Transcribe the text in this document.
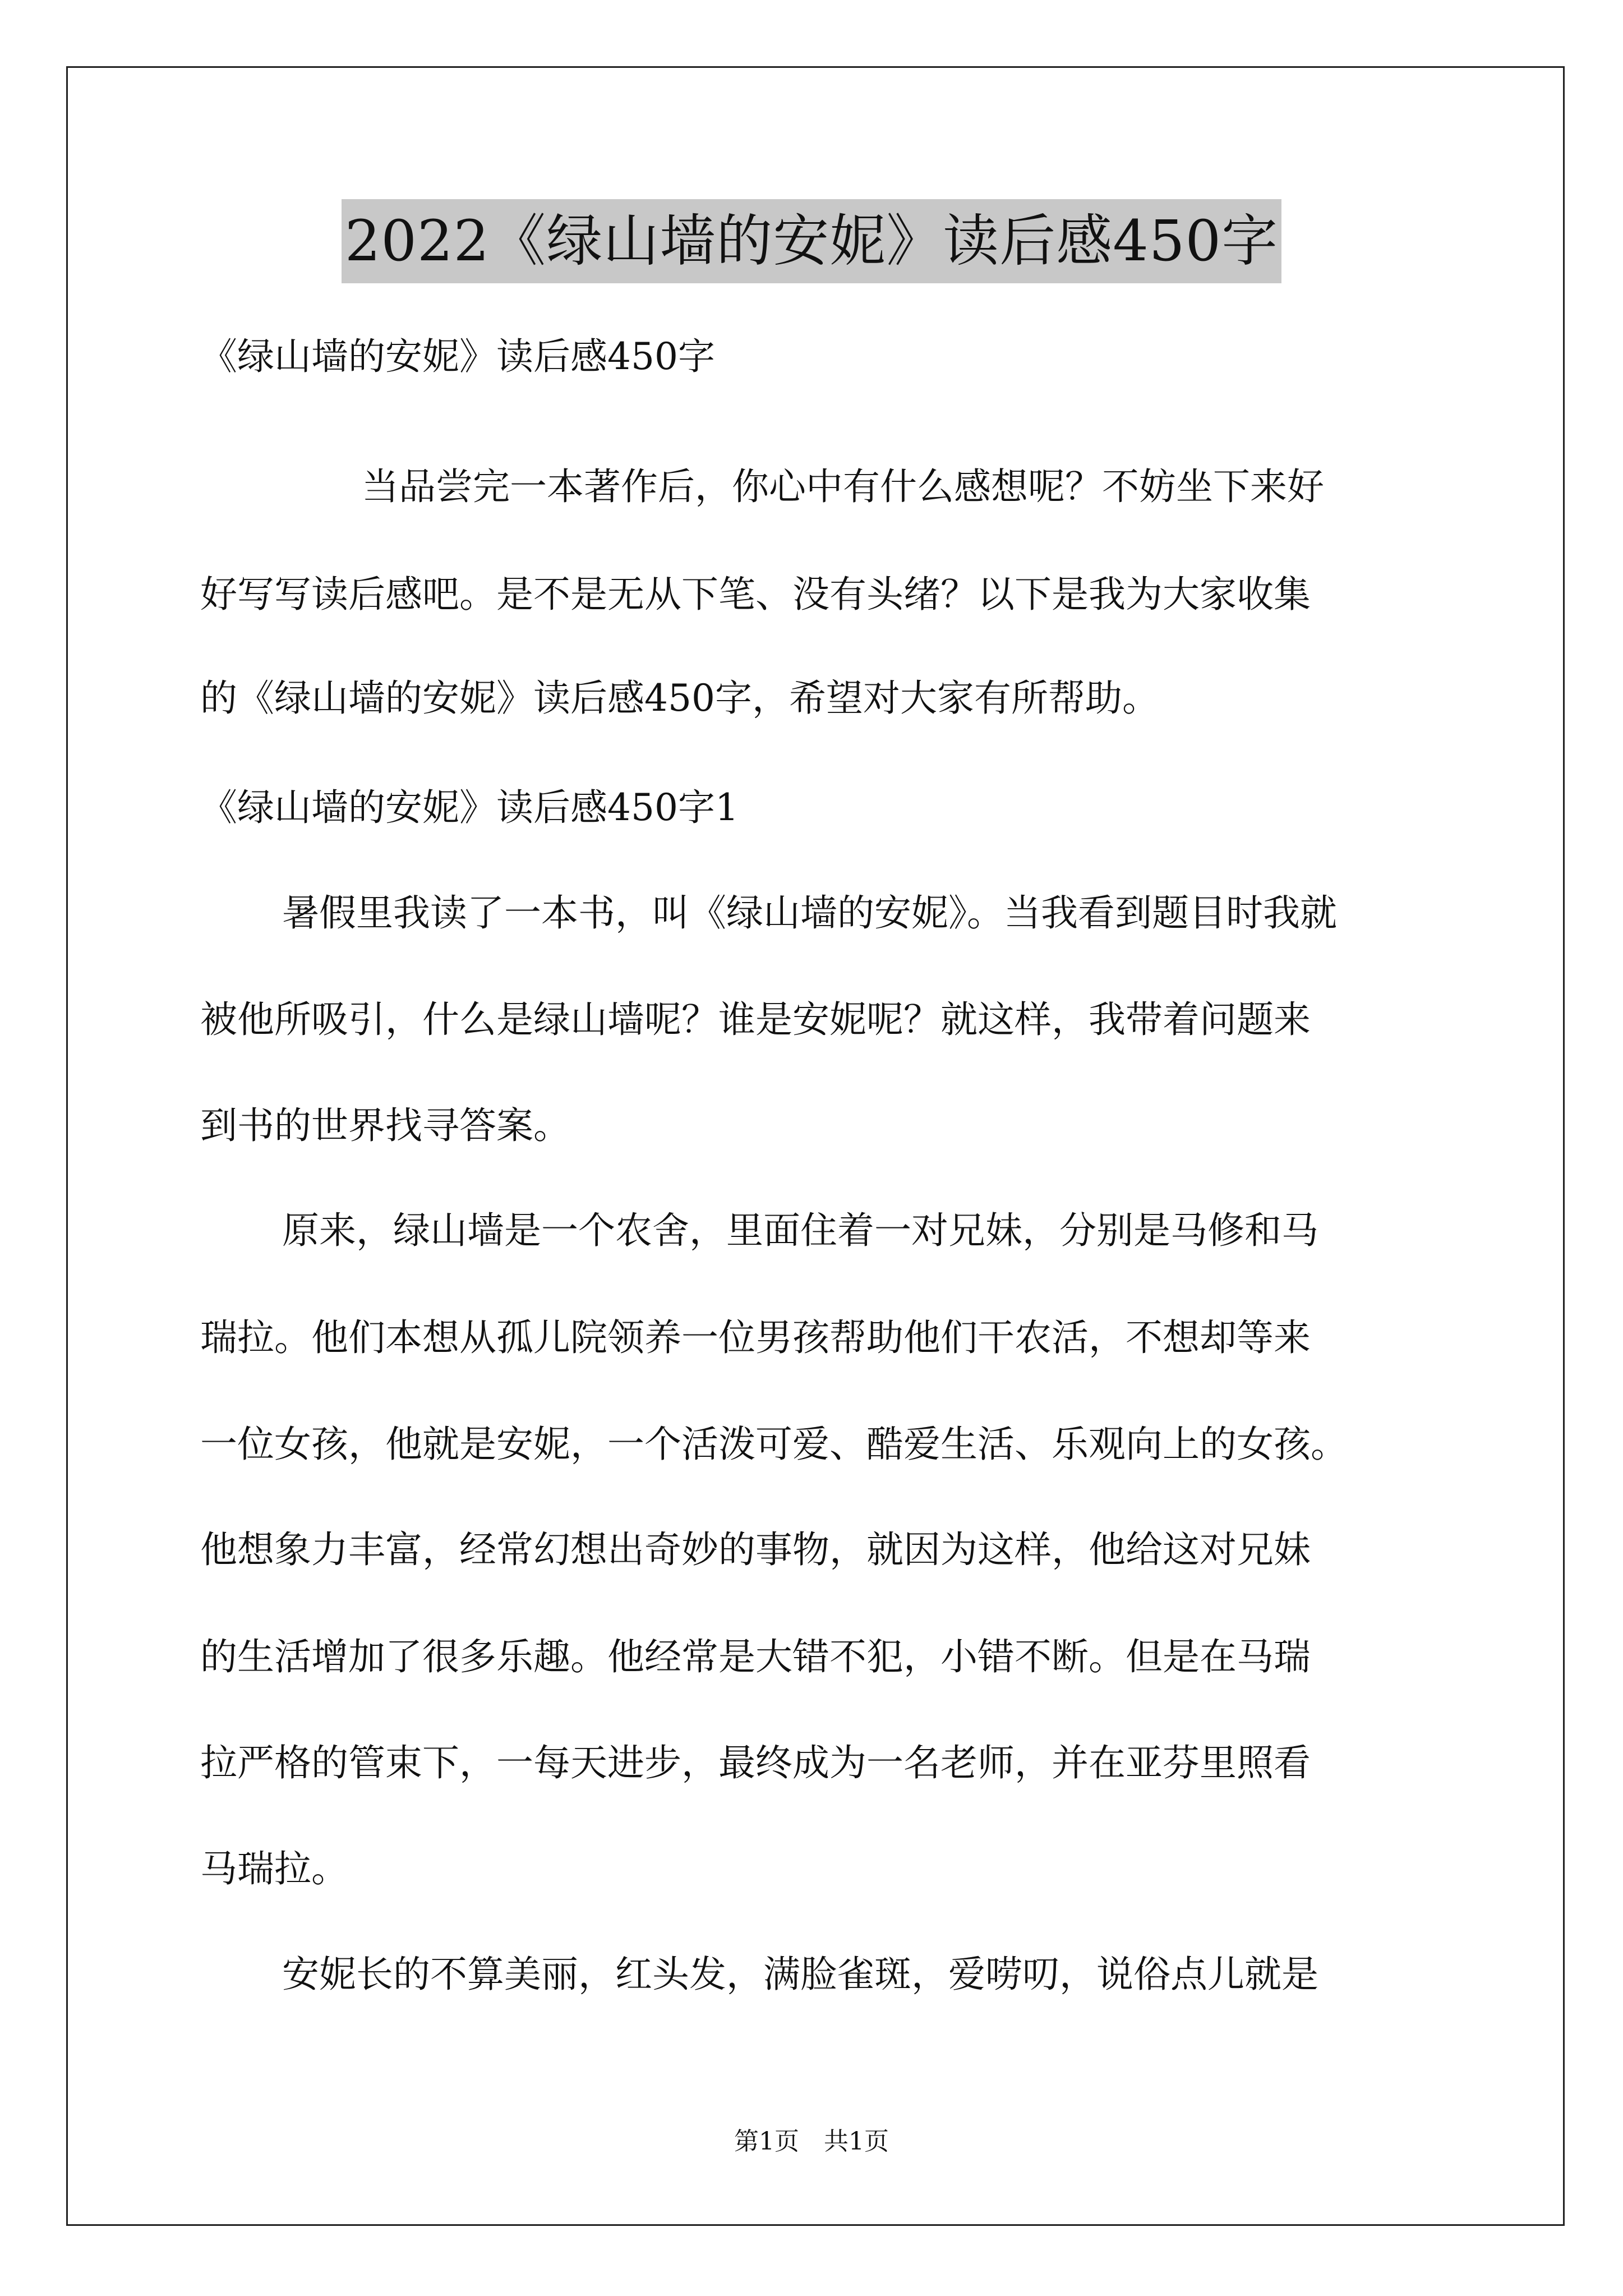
2022《绿山墙的安妮》读后感450字
《绿山墙的安妮》读后感450字
当品尝完一本著作后，你心中有什么感想呢？不妨坐下来好
好写写读后感吧。是不是无从下笔、没有头绪？以下是我为大家收集
的《绿山墙的安妮》读后感450字，希望对大家有所帮助。
《绿山墙的安妮》读后感450字1
暑假里我读了一本书，叫《绿山墙的安妮》。当我看到题目时我就
被他所吸引，什么是绿山墙呢？谁是安妮呢？就这样，我带着问题来
到书的世界找寻答案。
原来，绿山墙是一个农舍，里面住着一对兄妹，分别是马修和马
瑞拉。他们本想从孤儿院领养一位男孩帮助他们干农活，不想却等来
一位女孩，他就是安妮，一个活泼可爱、酷爱生活、乐观向上的女孩。
他想象力丰富，经常幻想出奇妙的事物，就因为这样，他给这对兄妹
的生活增加了很多乐趣。他经常是大错不犯，小错不断。但是在马瑞
拉严格的管束下，一每天进步，最终成为一名老师，并在亚芬里照看
马瑞拉。
安妮长的不算美丽，红头发，满脸雀斑，爱唠叨，说俗点儿就是
第1页　共1页
